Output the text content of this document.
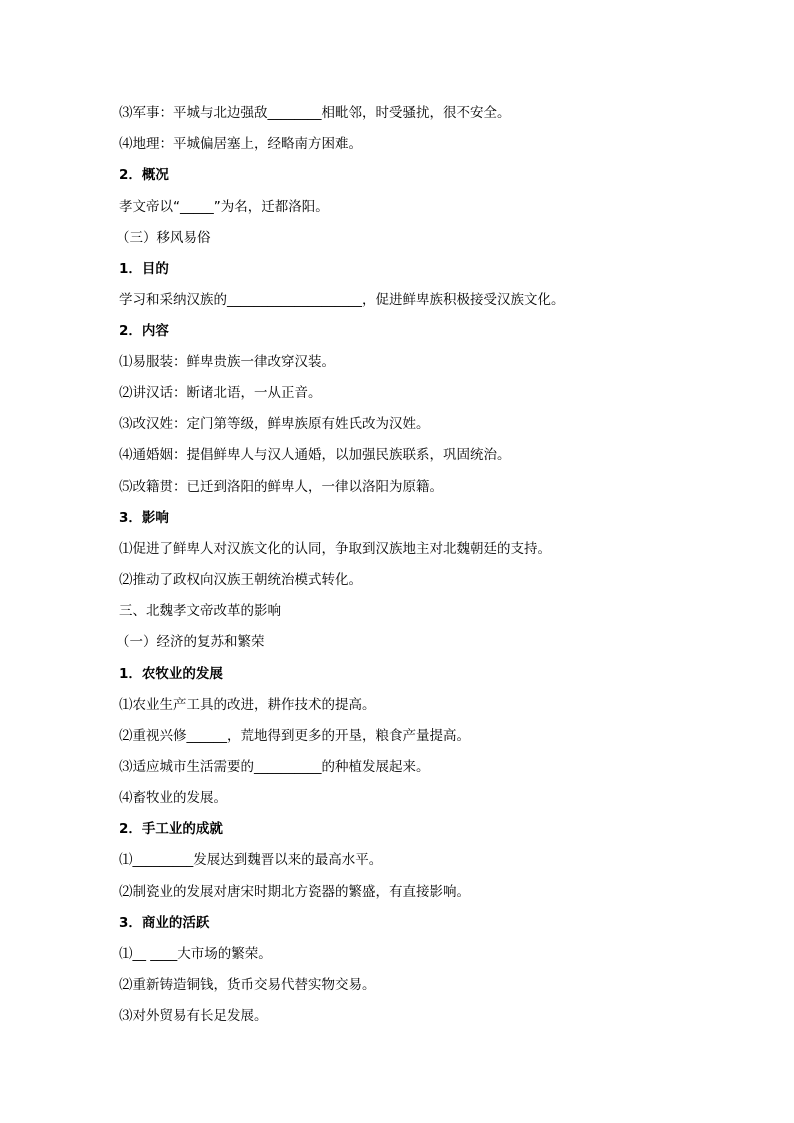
⑶军事：平城与北边强敌________相毗邻，时受骚扰，很不安全。
⑷地理：平城偏居塞上，经略南方困难。
2．概况
孝文帝以“_____”为名，迁都洛阳。
（三）移风易俗
1．目的
学习和采纳汉族的____________________，促进鲜卑族积极接受汉族文化。
2．内容
⑴易服装：鲜卑贵族一律改穿汉装。
⑵讲汉话：断诸北语，一从正音。
⑶改汉姓：定门第等级，鲜卑族原有姓氏改为汉姓。
⑷通婚姻：提倡鲜卑人与汉人通婚，以加强民族联系，巩固统治。
⑸改籍贯：已迁到洛阳的鲜卑人，一律以洛阳为原籍。
3．影响
⑴促进了鲜卑人对汉族文化的认同，争取到汉族地主对北魏朝廷的支持。
⑵推动了政权向汉族王朝统治模式转化。
三、北魏孝文帝改革的影响
（一）经济的复苏和繁荣
1．农牧业的发展
⑴农业生产工具的改进，耕作技术的提高。
⑵重视兴修______，荒地得到更多的开垦，粮食产量提高。
⑶适应城市生活需要的__________的种植发展起来。
⑷畜牧业的发展。
2．手工业的成就
⑴_________发展达到魏晋以来的最高水平。
⑵制瓷业的发展对唐宋时期北方瓷器的繁盛，有直接影响。
3．商业的活跃
⑴__ ____大市场的繁荣。
⑵重新铸造铜钱，货币交易代替实物交易。
⑶对外贸易有长足发展。
